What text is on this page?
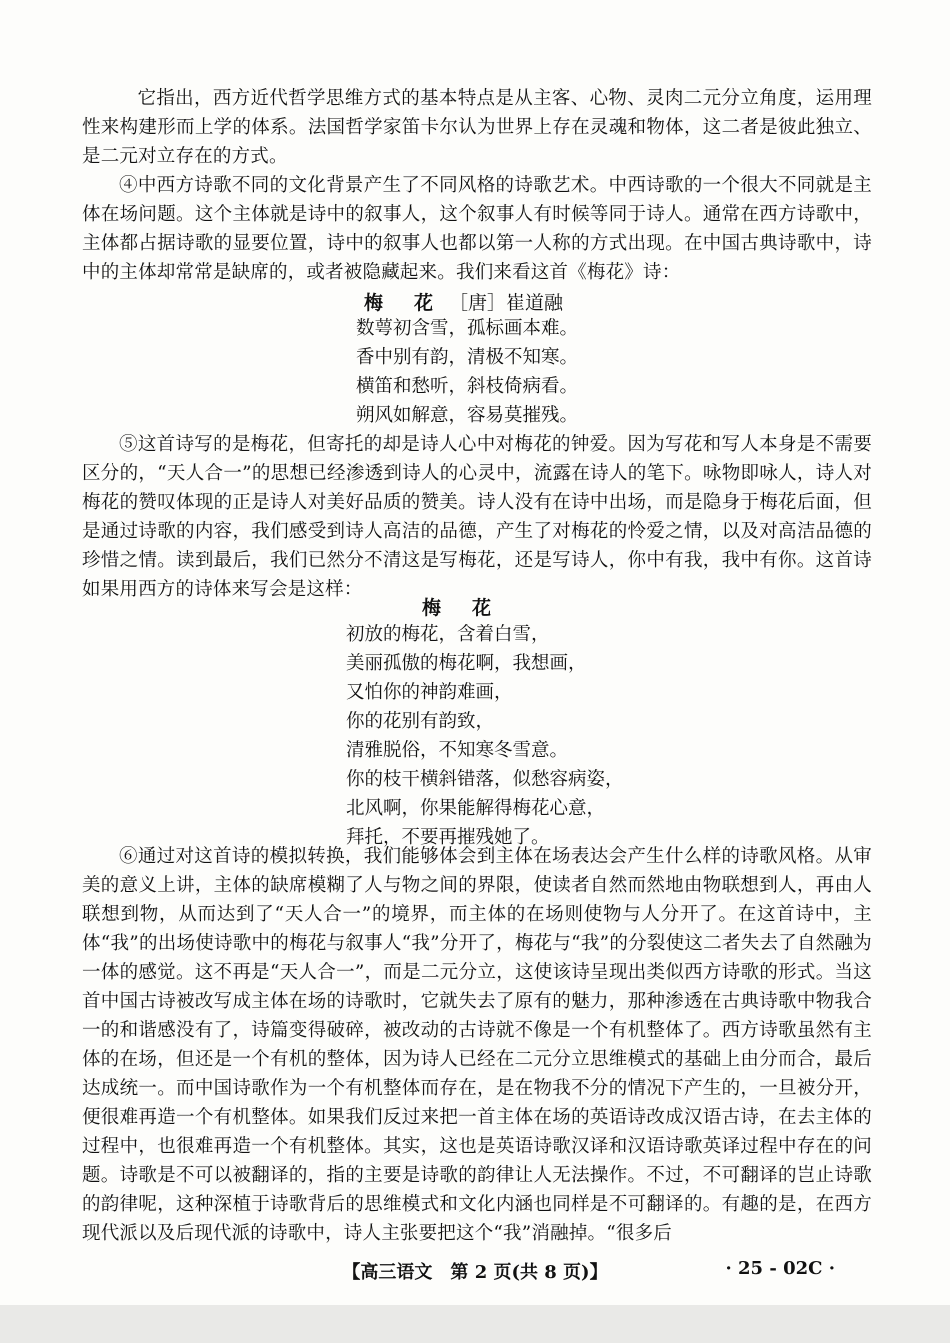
它指出，西方近代哲学思维方式的基本特点是从主客、心物、灵肉二元分立角度，运用理性来构建形而上学的体系。法国哲学家笛卡尔认为世界上存在灵魂和物体，这二者是彼此独立、是二元对立存在的方式。

④中西方诗歌不同的文化背景产生了不同风格的诗歌艺术。中西诗歌的一个很大不同就是主体在场问题。这个主体就是诗中的叙事人，这个叙事人有时候等同于诗人。通常在西方诗歌中，主体都占据诗歌的显要位置，诗中的叙事人也都以第一人称的方式出现。在中国古典诗歌中，诗中的主体却常常是缺席的，或者被隐藏起来。我们来看这首《梅花》诗：

梅　花 ［唐］崔道融
数萼初含雪，孤标画本难。
香中别有韵，清极不知寒。
横笛和愁听，斜枝倚病看。
朔风如解意，容易莫摧残。

⑤这首诗写的是梅花，但寄托的却是诗人心中对梅花的钟爱。因为写花和写人本身是不需要区分的，“天人合一”的思想已经渗透到诗人的心灵中，流露在诗人的笔下。咏物即咏人，诗人对梅花的赞叹体现的正是诗人对美好品质的赞美。诗人没有在诗中出场，而是隐身于梅花后面，但是通过诗歌的内容，我们感受到诗人高洁的品德，产生了对梅花的怜爱之情，以及对高洁品德的珍惜之情。读到最后，我们已然分不清这是写梅花，还是写诗人，你中有我，我中有你。这首诗如果用西方的诗体来写会是这样：

梅　花
初放的梅花，含着白雪，
美丽孤傲的梅花啊，我想画，
又怕你的神韵难画，
你的花别有韵致，
清雅脱俗，不知寒冬雪意。
你的枝干横斜错落，似愁容病姿，
北风啊，你果能解得梅花心意，
拜托，不要再摧残她了。

⑥通过对这首诗的模拟转换，我们能够体会到主体在场表达会产生什么样的诗歌风格。从审美的意义上讲，主体的缺席模糊了人与物之间的界限，使读者自然而然地由物联想到人，再由人联想到物，从而达到了“天人合一”的境界，而主体的在场则使物与人分开了。在这首诗中，主体“我”的出场使诗歌中的梅花与叙事人“我”分开了，梅花与“我”的分裂使这二者失去了自然融为一体的感觉。这不再是“天人合一”，而是二元分立，这使该诗呈现出类似西方诗歌的形式。当这首中国古诗被改写成主体在场的诗歌时，它就失去了原有的魅力，那种渗透在古典诗歌中物我合一的和谐感没有了，诗篇变得破碎，被改动的古诗就不像是一个有机整体了。西方诗歌虽然有主体的在场，但还是一个有机的整体，因为诗人已经在二元分立思维模式的基础上由分而合，最后达成统一。而中国诗歌作为一个有机整体而存在，是在物我不分的情况下产生的，一旦被分开，便很难再造一个有机整体。如果我们反过来把一首主体在场的英语诗改成汉语古诗，在去主体的过程中，也很难再造一个有机整体。其实，这也是英语诗歌汉译和汉语诗歌英译过程中存在的问题。诗歌是不可以被翻译的，指的主要是诗歌的韵律让人无法操作。不过，不可翻译的岂止诗歌的韵律呢，这种深植于诗歌背后的思维模式和文化内涵也同样是不可翻译的。有趣的是，在西方现代派以及后现代派的诗歌中，诗人主张要把这个“我”消融掉。“很多后

【高三语文　第 2 页(共 8 页)】	· 25 - 02C ·
